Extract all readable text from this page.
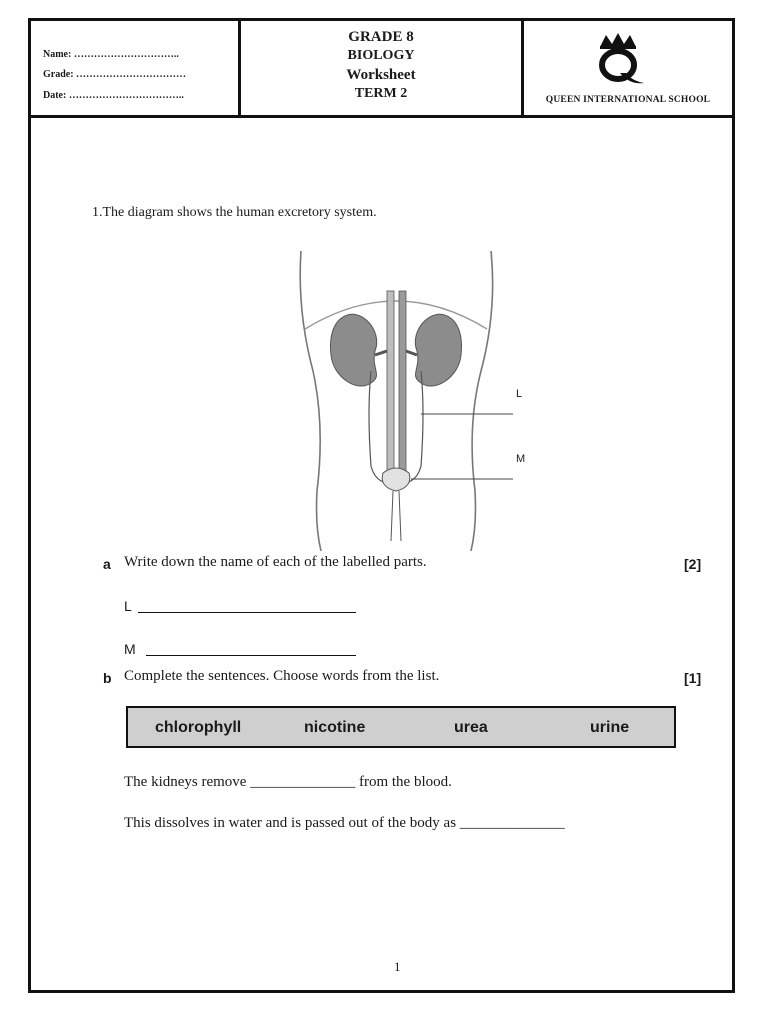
Name: …………………………..
Grade: ……………………………
Date: ……………………………..
GRADE 8
BIOLOGY
Worksheet
TERM 2	QUEEN INTERNATIONAL SCHOOL
1.The diagram shows the human excretory system.
L
M
a Write down the name of each of the labelled parts.	[2]
L
M
b Complete the sentences. Choose words from the list.	[1]
chlorophyll	nicotine	urea	urine
The kidneys remove ______________ from the blood.
This dissolves in water and is passed out of the body as ______________
1
